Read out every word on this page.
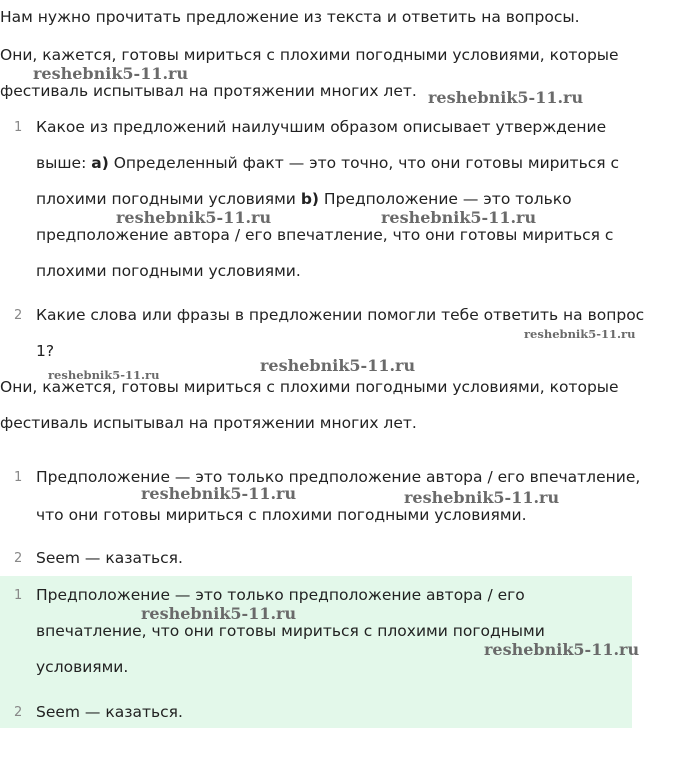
Нам нужно прочитать предложение из текста и ответить на вопросы.
Они, кажется, готовы мириться с плохими погодными условиями, которые
фестиваль испытывал на протяжении многих лет.
1 Какое из предложений наилучшим образом описывает утверждение
выше: a) Определенный факт — это точно, что они готовы мириться с
плохими погодными условиями b) Предположение — это только
предположение автора / его впечатление, что они готовы мириться с
плохими погодными условиями.
2 Какие слова или фразы в предложении помогли тебе ответить на вопрос
1?
Они, кажется, готовы мириться с плохими погодными условиями, которые
фестиваль испытывал на протяжении многих лет.
1 Предположение — это только предположение автора / его впечатление,
что они готовы мириться с плохими погодными условиями.
2 Seem — казаться.
1 Предположение — это только предположение автора / его
впечатление, что они готовы мириться с плохими погодными
условиями.
2 Seem — казаться.
reshebnik5-11.ru
reshebnik5-11.ru
reshebnik5-11.ru	reshebnik5-11.ru
reshebnik5-11.ru
reshebnik5-11.ru
reshebnik5-11.ru
reshebnik5-11.ru	reshebnik5-11.ru
reshebnik5-11.ru
reshebnik5-11.ru
